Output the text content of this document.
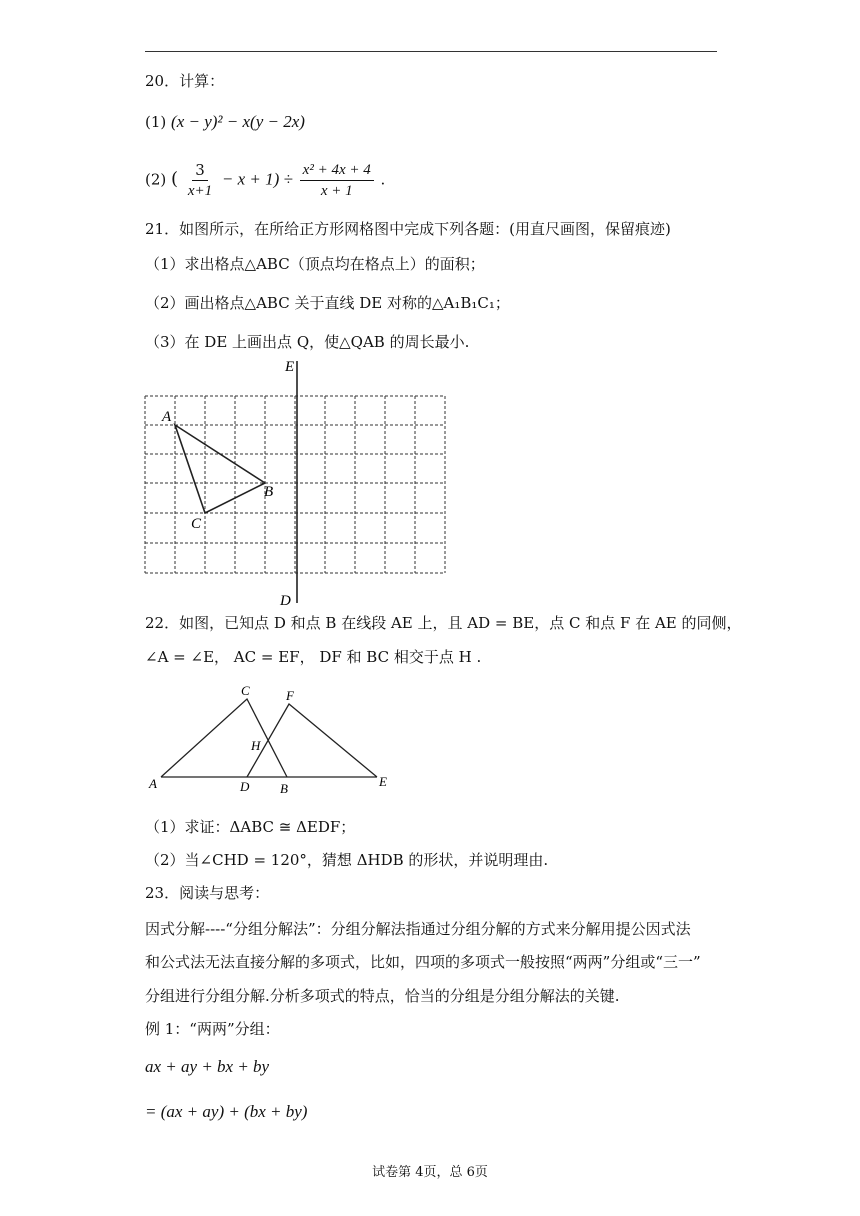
20．计算：
(1) (x − y)² − x(y − 2x)
(2) ( $\frac{3}{x+1} - x + 1) \div \frac{\text{x² + 4x + 4}}{x + 1}$ .
21．如图所示，在所给正方形网格图中完成下列各题：(用直尺画图，保留痕迹)
（1）求出格点△ABC（顶点均在格点上）的面积；
（2）画出格点△ABC 关于直线 DE 对称的△A₁B₁C₁；
（3）在 DE 上画出点 Q，使△QAB 的周长最小.
E
D
A
B
C
22．如图，已知点 D 和点 B 在线段 AE 上，且 AD = BE，点 C 和点 F 在 AE 的同侧，
∠A = ∠E， AC = EF， DF 和 BC 相交于点 H .
A
C	F
H
D B	E
（1）求证：ΔABC ≅ ΔEDF；
（2）当∠CHD = 120°，猜想 ΔHDB 的形状，并说明理由.
23．阅读与思考：
因式分解----“分组分解法”：分组分解法指通过分组分解的方式来分解用提公因式法
和公式法无法直接分解的多项式，比如，四项的多项式一般按照“两两”分组或“三一”
分组进行分组分解.分析多项式的特点，恰当的分组是分组分解法的关键.
例 1：“两两”分组：
ax + ay + bx + by
= (ax + ay) + (bx + by)
试卷第 4页，总 6页
